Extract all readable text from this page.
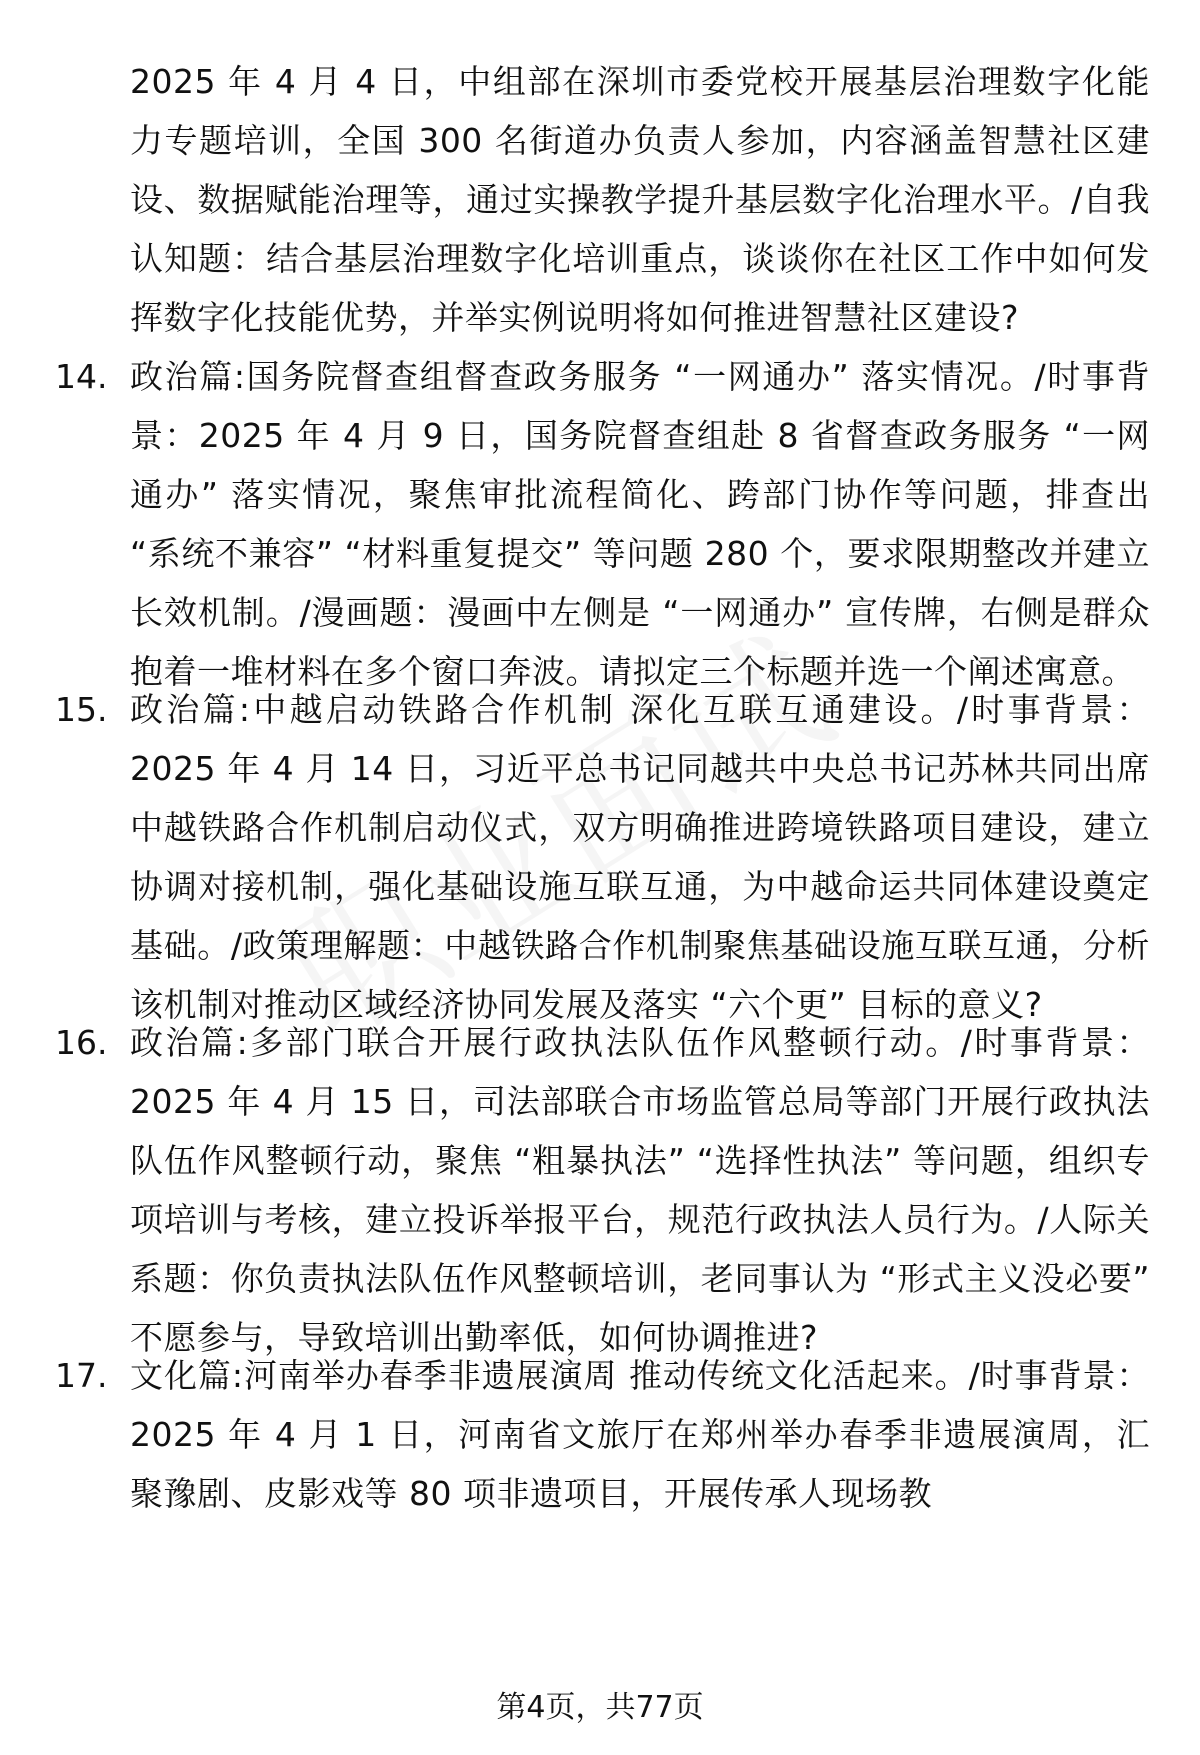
2025 年 4 月 4 日，中组部在深圳市委党校开展基层治理数字化能力专题培训，全国 300 名街道办负责人参加，内容涵盖智慧社区建设、数据赋能治理等，通过实操教学提升基层数字化治理水平。/自我认知题：结合基层治理数字化培训重点，谈谈你在社区工作中如何发挥数字化技能优势，并举实例说明将如何推进智慧社区建设?

14. 政治篇:国务院督查组督查政务服务 “一网通办” 落实情况。/时事背景：2025 年 4 月 9 日，国务院督查组赴 8 省督查政务服务 “一网通办” 落实情况，聚焦审批流程简化、跨部门协作等问题，排查出 “系统不兼容” “材料重复提交” 等问题 280 个，要求限期整改并建立长效机制。/漫画题：漫画中左侧是 “一网通办” 宣传牌，右侧是群众抱着一堆材料在多个窗口奔波。请拟定三个标题并选一个阐述寓意。

15. 政治篇:中越启动铁路合作机制 深化互联互通建设。/时事背景：2025 年 4 月 14 日，习近平总书记同越共中央总书记苏林共同出席中越铁路合作机制启动仪式，双方明确推进跨境铁路项目建设，建立协调对接机制，强化基础设施互联互通，为中越命运共同体建设奠定基础。/政策理解题：中越铁路合作机制聚焦基础设施互联互通，分析该机制对推动区域经济协同发展及落实 “六个更” 目标的意义?

16. 政治篇:多部门联合开展行政执法队伍作风整顿行动。/时事背景：2025 年 4 月 15 日，司法部联合市场监管总局等部门开展行政执法队伍作风整顿行动，聚焦 “粗暴执法” “选择性执法” 等问题，组织专项培训与考核，建立投诉举报平台，规范行政执法人员行为。/人际关系题：你负责执法队伍作风整顿培训，老同事认为 “形式主义没必要” 不愿参与，导致培训出勤率低，如何协调推进?

17. 文化篇:河南举办春季非遗展演周 推动传统文化活起来。/时事背景：2025 年 4 月 1 日，河南省文旅厅在郑州举办春季非遗展演周，汇聚豫剧、皮影戏等 80 项非遗项目，开展传承人现场教

第4页，共77页
